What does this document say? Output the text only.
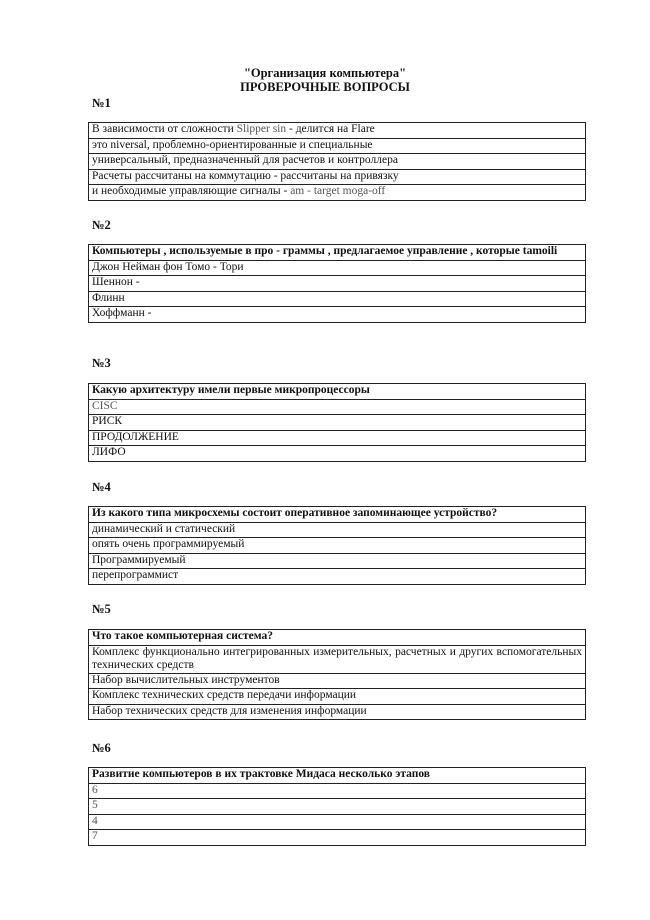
"Организация компьютера"
ПРОВЕРОЧНЫЕ ВОПРОСЫ
№1
В зависимости от сложности Slipper sin - делится на Flare
это niversal, проблемно-ориентированные и специальные
универсальный, предназначенный для расчетов и контроллера
Расчеты рассчитаны на коммутацию - рассчитаны на привязку
и необходимые управляющие сигналы - am - target moga-off
№2
Компьютеры , используемые в про - граммы , предлагаемое управление , которые tamoili
Джон Нейман фон Томо - Тори
Шеннон -
Флинн
Хоффманн -
№3
Какую архитектуру имели первые микропроцессоры
CISC
РИСК
ПРОДОЛЖЕНИЕ
ЛИФО
№4
Из какого типа микросхемы состоит оперативное запоминающее устройство?
динамический и статический
опять очень программируемый
Программируемый
перепрограммист
№5
Что такое компьютерная система?
Комплекс функционально интегрированных измерительных, расчетных и других вспомогательных технических средств
Набор вычислительных инструментов
Комплекс технических средств передачи информации
Набор технических средств для изменения информации
№6
Развитие компьютеров в их трактовке Мидаса несколько этапов
6
5
4
7
